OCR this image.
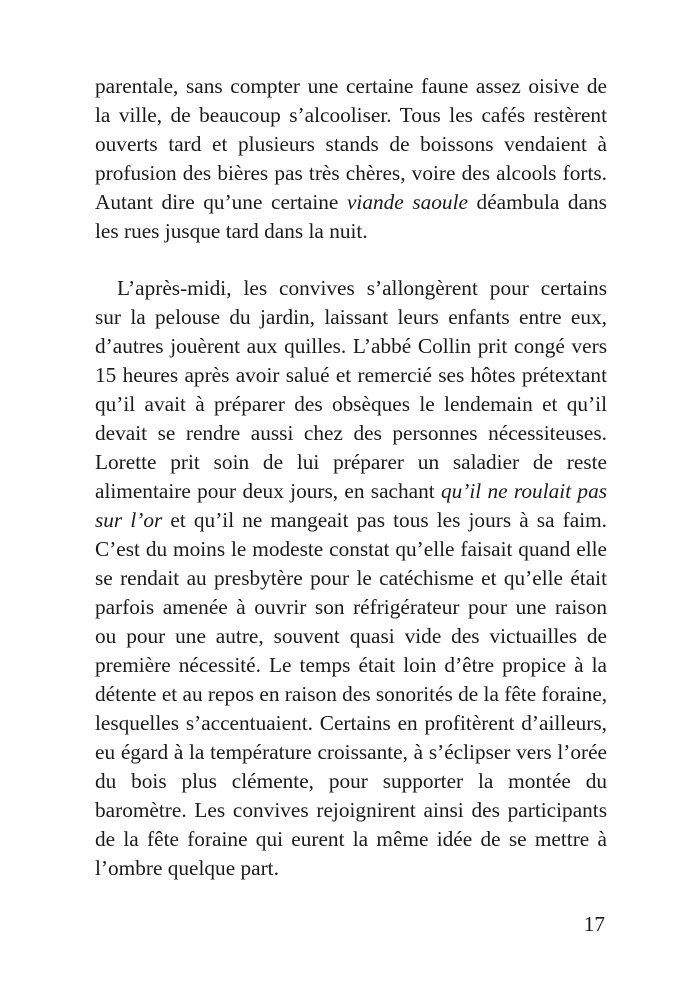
parentale, sans compter une certaine faune assez oisive de
la ville, de beaucoup s’alcooliser. Tous les cafés restèrent
ouverts tard et plusieurs stands de boissons vendaient à
profusion des bières pas très chères, voire des alcools forts.
Autant dire qu’une certaine viande saoule déambula dans
les rues jusque tard dans la nuit.
L’après-midi, les convives s’allongèrent pour certains
sur la pelouse du jardin, laissant leurs enfants entre eux,
d’autres jouèrent aux quilles. L’abbé Collin prit congé vers
15 heures après avoir salué et remercié ses hôtes prétextant
qu’il avait à préparer des obsèques le lendemain et qu’il
devait se rendre aussi chez des personnes nécessiteuses.
Lorette prit soin de lui préparer un saladier de reste
alimentaire pour deux jours, en sachant qu’il ne roulait pas
sur l’or et qu’il ne mangeait pas tous les jours à sa faim.
C’est du moins le modeste constat qu’elle faisait quand elle
se rendait au presbytère pour le catéchisme et qu’elle était
parfois amenée à ouvrir son réfrigérateur pour une raison
ou pour une autre, souvent quasi vide des victuailles de
première nécessité. Le temps était loin d’être propice à la
détente et au repos en raison des sonorités de la fête foraine,
lesquelles s’accentuaient. Certains en profitèrent d’ailleurs,
eu égard à la température croissante, à s’éclipser vers l’orée
du bois plus clémente, pour supporter la montée du
baromètre. Les convives rejoignirent ainsi des participants
de la fête foraine qui eurent la même idée de se mettre à
l’ombre quelque part.
17
